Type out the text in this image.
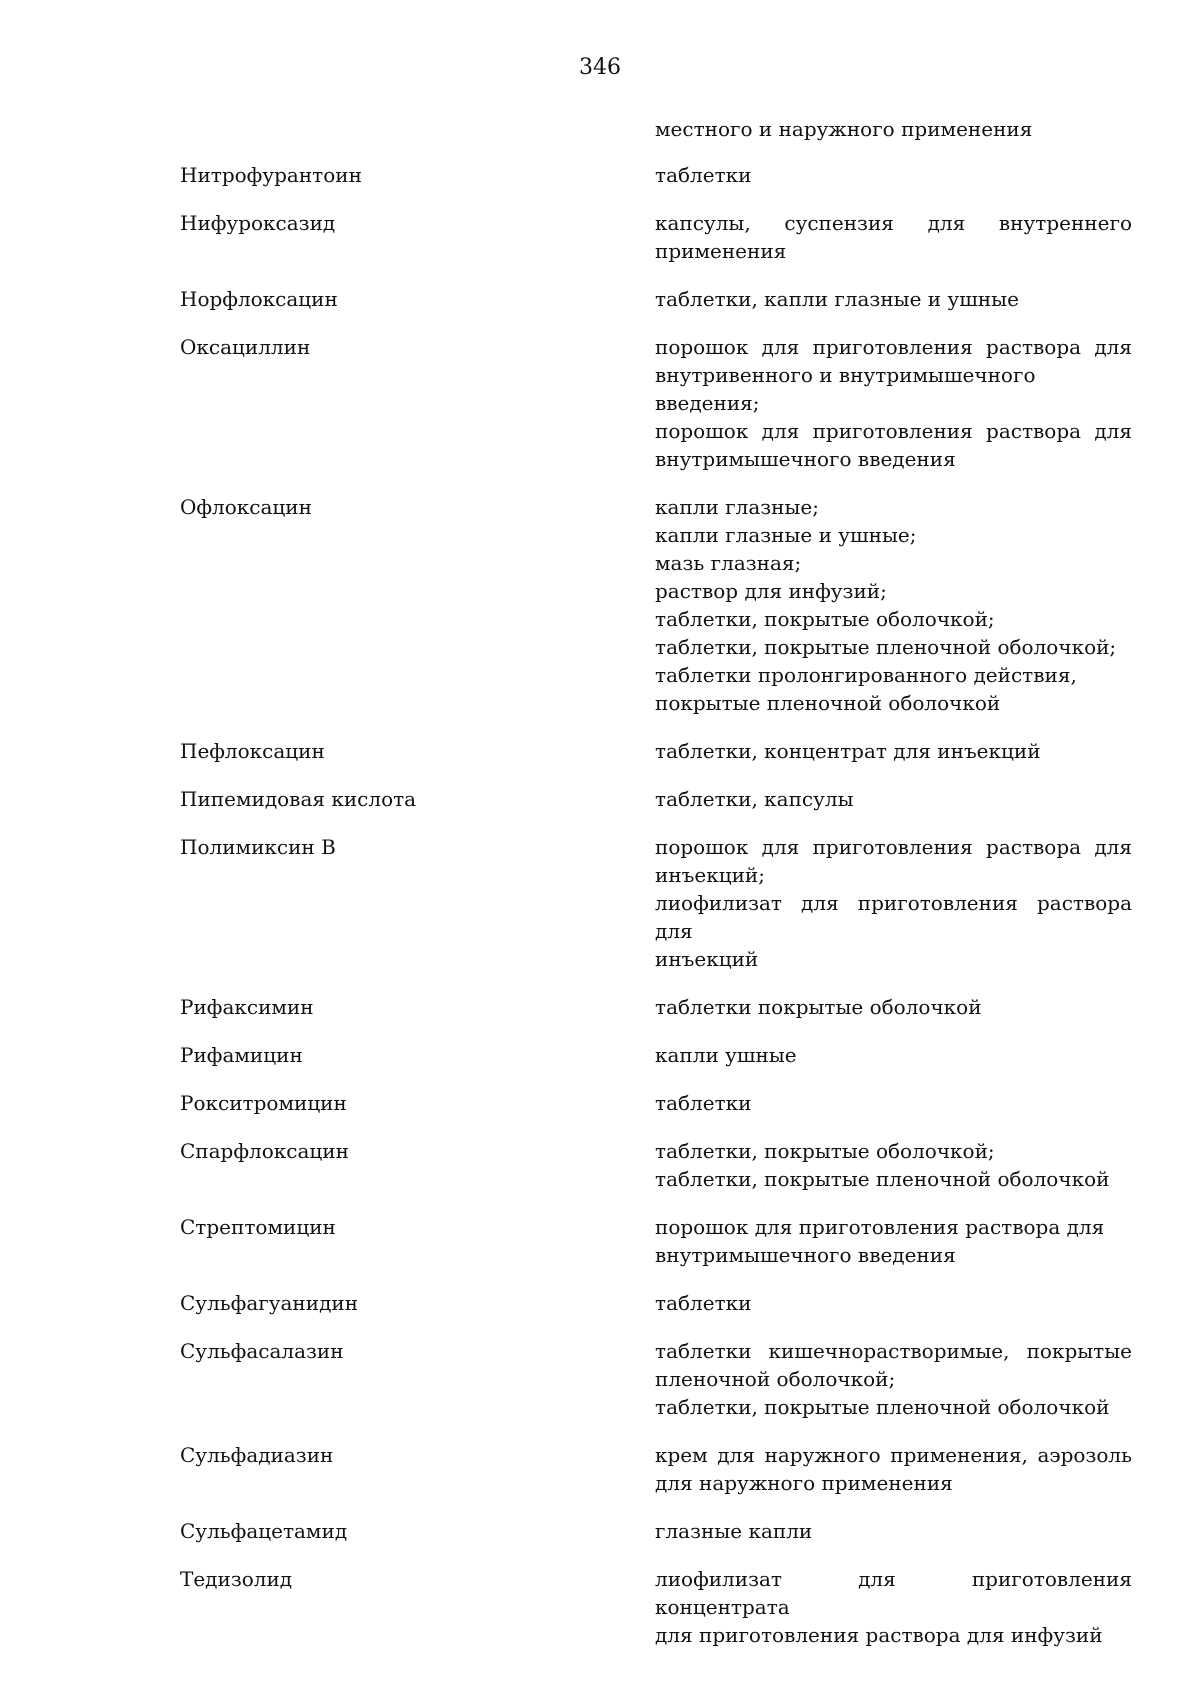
346
местного и наружного применения
Нитрофурантоин	таблетки
Нифуроксазид	капсулы, суспензия для внутреннего
применения
Норфлоксацин	таблетки, капли глазные и ушные
Оксациллин	порошок для приготовления раствора для
внутривенного и внутримышечного введения;
порошок для приготовления раствора для
внутримышечного введения
Офлоксацин	капли глазные;
капли глазные и ушные;
мазь глазная;
раствор для инфузий;
таблетки, покрытые оболочкой;
таблетки, покрытые пленочной оболочкой;
таблетки пролонгированного действия,
покрытые пленочной оболочкой
Пефлоксацин	таблетки, концентрат для инъекций
Пипемидовая кислота	таблетки, капсулы
Полимиксин В	порошок для приготовления раствора для
инъекций;
лиофилизат для приготовления раствора для
инъекций
Рифаксимин	таблетки покрытые оболочкой
Рифамицин	капли ушные
Рокситромицин	таблетки
Спарфлоксацин	таблетки, покрытые оболочкой;
таблетки, покрытые пленочной оболочкой
Стрептомицин	порошок для приготовления раствора для
внутримышечного введения
Сульфагуанидин	таблетки
Сульфасалазин	таблетки кишечнорастворимые, покрытые
пленочной оболочкой;
таблетки, покрытые пленочной оболочкой
Сульфадиазин	крем для наружного применения, аэрозоль
для наружного применения
Сульфацетамид	глазные капли
Тедизолид	лиофилизат для приготовления концентрата
для приготовления раствора для инфузий
